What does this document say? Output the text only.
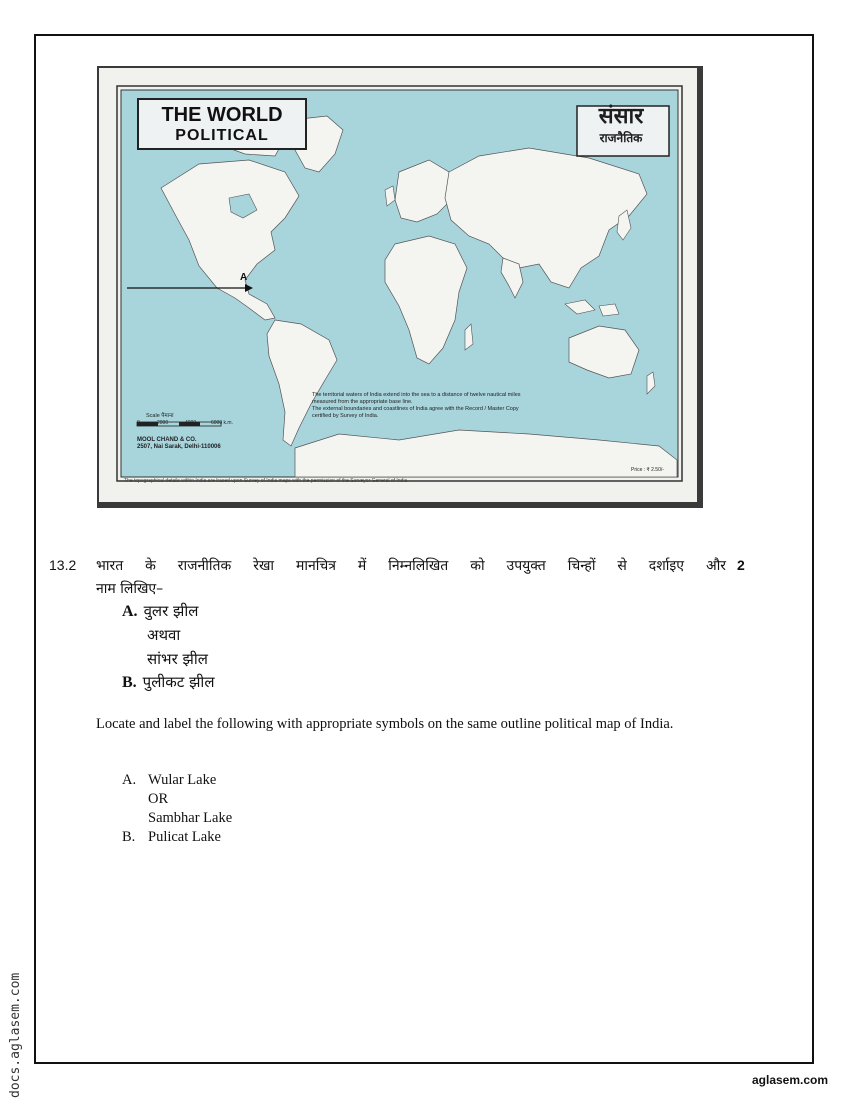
THE WORLD
POLITICAL
संसार
राजनैतिक
A
The territorial waters of India extend into the sea to a distance of twelve nautical miles
measured from the appropriate base line.
The external boundaries and coastlines of India agree with the Record / Master Copy
certified by Survey of India.
Scale पैमाना
0	2000	4000	6000 k.m.
MOOL CHAND & CO.
2507, Nai Sarak, Delhi-110006
Price : ₹ 2.50/-
The topographical details within India are based upon Survey of India maps with the permission of the Surveyor General of India.
13.2	2
भारत के राजनीतिक रेखा मानचित्र में निम्नलिखित को उपयुक्त चिन्हों से दर्शाइए और
नाम लिखिए–
A. वुलर झील
अथवा
सांभर झील
B. पुलीकट झील
Locate and label the following with appropriate symbols on the same outline political map of India.
A. Wular Lake
OR
Sambhar Lake
B. Pulicat Lake
docs.aglasem.com	aglasem.com
